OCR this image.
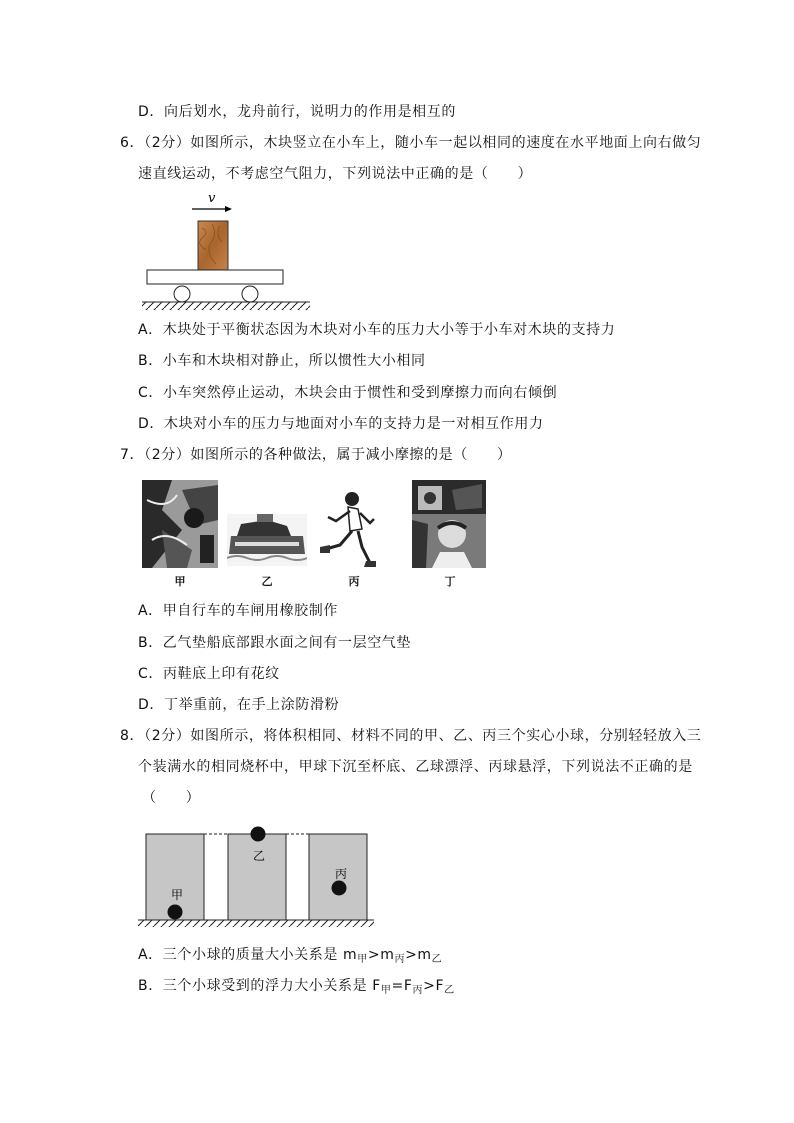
D．向后划水，龙舟前行，说明力的作用是相互的
6．（2分）如图所示，木块竖立在小车上，随小车一起以相同的速度在水平地面上向右做匀
速直线运动，不考虑空气阻力，下列说法中正确的是（　　）
v
A．木块处于平衡状态因为木块对小车的压力大小等于小车对木块的支持力
B．小车和木块相对静止，所以惯性大小相同
C．小车突然停止运动，木块会由于惯性和受到摩擦力而向右倾倒
D．木块对小车的压力与地面对小车的支持力是一对相互作用力
7．（2分）如图所示的各种做法，属于减小摩擦的是（　　）
甲	乙	丙	丁
A．甲自行车的车闸用橡胶制作
B．乙气垫船底部跟水面之间有一层空气垫
C．丙鞋底上印有花纹
D．丁举重前，在手上涂防滑粉
8．（2分）如图所示，将体积相同、材料不同的甲、乙、丙三个实心小球，分别轻轻放入三
个装满水的相同烧杯中，甲球下沉至杯底、乙球漂浮、丙球悬浮，下列说法不正确的是
（　　）
甲
乙
丙
A．三个小球的质量大小关系是 $m_甲>m_丙>m_乙$
B．三个小球受到的浮力大小关系是 $F_甲=F_丙>F_乙$
